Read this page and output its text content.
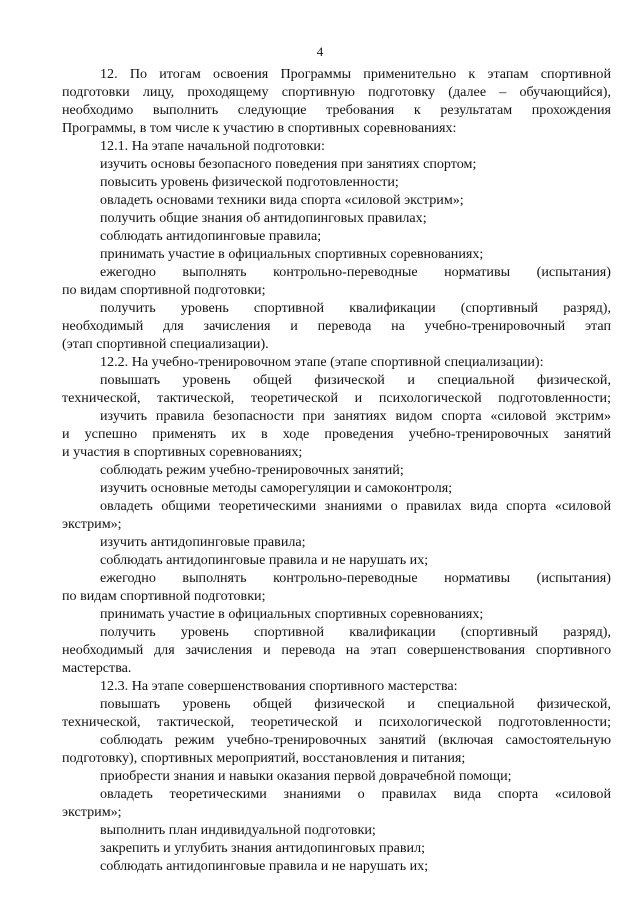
4
12. По итогам освоения Программы применительно к этапам спортивной
подготовки лицу, проходящему спортивную подготовку (далее – обучающийся),
необходимо выполнить следующие требования к результатам прохождения
Программы, в том числе к участию в спортивных соревнованиях:
12.1. На этапе начальной подготовки:
изучить основы безопасного поведения при занятиях спортом;
повысить уровень физической подготовленности;
овладеть основами техники вида спорта «силовой экстрим»;
получить общие знания об антидопинговых правилах;
соблюдать антидопинговые правила;
принимать участие в официальных спортивных соревнованиях;
ежегодно выполнять контрольно-переводные нормативы (испытания)
по видам спортивной подготовки;
получить уровень спортивной квалификации (спортивный разряд),
необходимый для зачисления и перевода на учебно-тренировочный этап
(этап спортивной специализации).
12.2. На учебно-тренировочном этапе (этапе спортивной специализации):
повышать уровень общей физической и специальной физической,
технической, тактической, теоретической и психологической подготовленности;
изучить правила безопасности при занятиях видом спорта «силовой экстрим»
и успешно применять их в ходе проведения учебно-тренировочных занятий
и участия в спортивных соревнованиях;
соблюдать режим учебно-тренировочных занятий;
изучить основные методы саморегуляции и самоконтроля;
овладеть общими теоретическими знаниями о правилах вида спорта «силовой
экстрим»;
изучить антидопинговые правила;
соблюдать антидопинговые правила и не нарушать их;
ежегодно выполнять контрольно-переводные нормативы (испытания)
по видам спортивной подготовки;
принимать участие в официальных спортивных соревнованиях;
получить уровень спортивной квалификации (спортивный разряд),
необходимый для зачисления и перевода на этап совершенствования спортивного
мастерства.
12.3. На этапе совершенствования спортивного мастерства:
повышать уровень общей физической и специальной физической,
технической, тактической, теоретической и психологической подготовленности;
соблюдать режим учебно-тренировочных занятий (включая самостоятельную
подготовку), спортивных мероприятий, восстановления и питания;
приобрести знания и навыки оказания первой доврачебной помощи;
овладеть теоретическими знаниями о правилах вида спорта «силовой
экстрим»;
выполнить план индивидуальной подготовки;
закрепить и углубить знания антидопинговых правил;
соблюдать антидопинговые правила и не нарушать их;
